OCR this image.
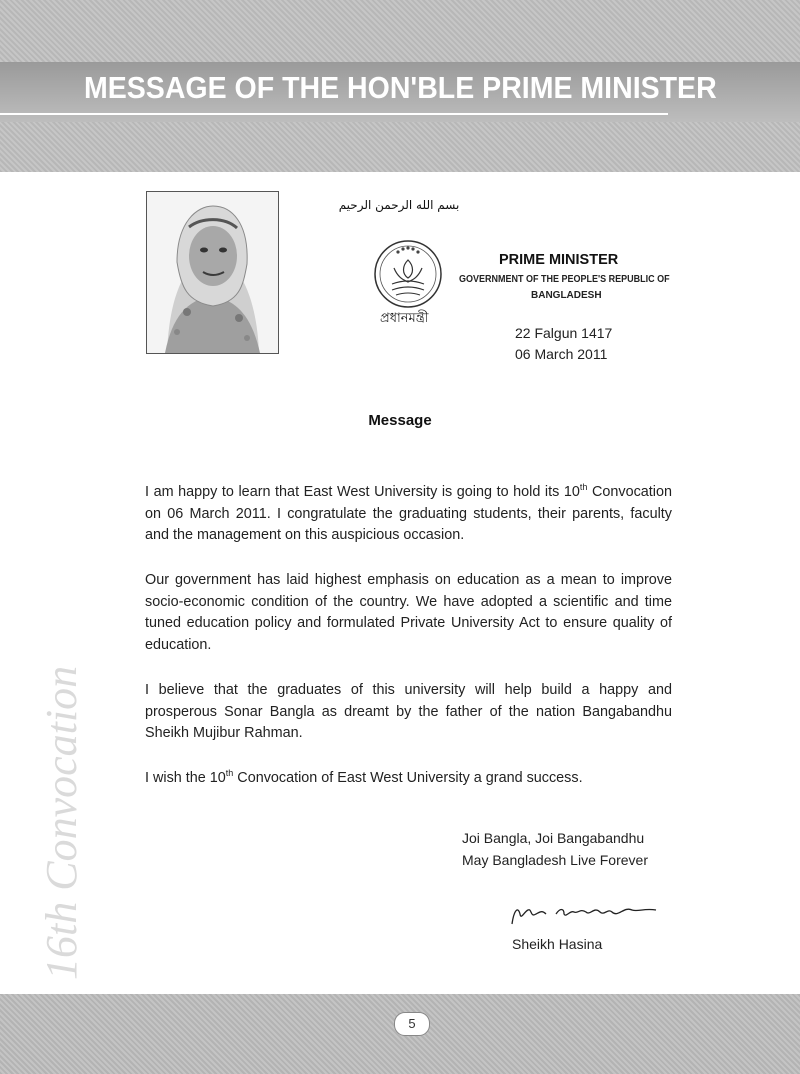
MESSAGE OF THE HON'BLE PRIME MINISTER
16th Convocation
بسم الله الرحمن الرحيم
প্রধানমন্ত্রী
PRIME MINISTER
GOVERNMENT OF THE PEOPLE'S REPUBLIC OF
BANGLADESH
22 Falgun 1417
06 March 2011
Message
I am happy to learn that East West University is going to hold its 10th Convocation on 06 March 2011. I congratulate the graduating students, their parents, faculty and the management on this auspicious occasion.
Our government has laid highest emphasis on education as a mean to improve socio-economic condition of the country. We have adopted a scientific and time tuned education policy and formulated Private University Act to ensure quality of education.
I believe that the graduates of this university will help build a happy and prosperous Sonar Bangla as dreamt by the father of the nation Bangabandhu Sheikh Mujibur Rahman.
I wish the 10th Convocation of East West University a grand success.
Joi Bangla, Joi Bangabandhu
May Bangladesh Live Forever
Sheikh Hasina
5
